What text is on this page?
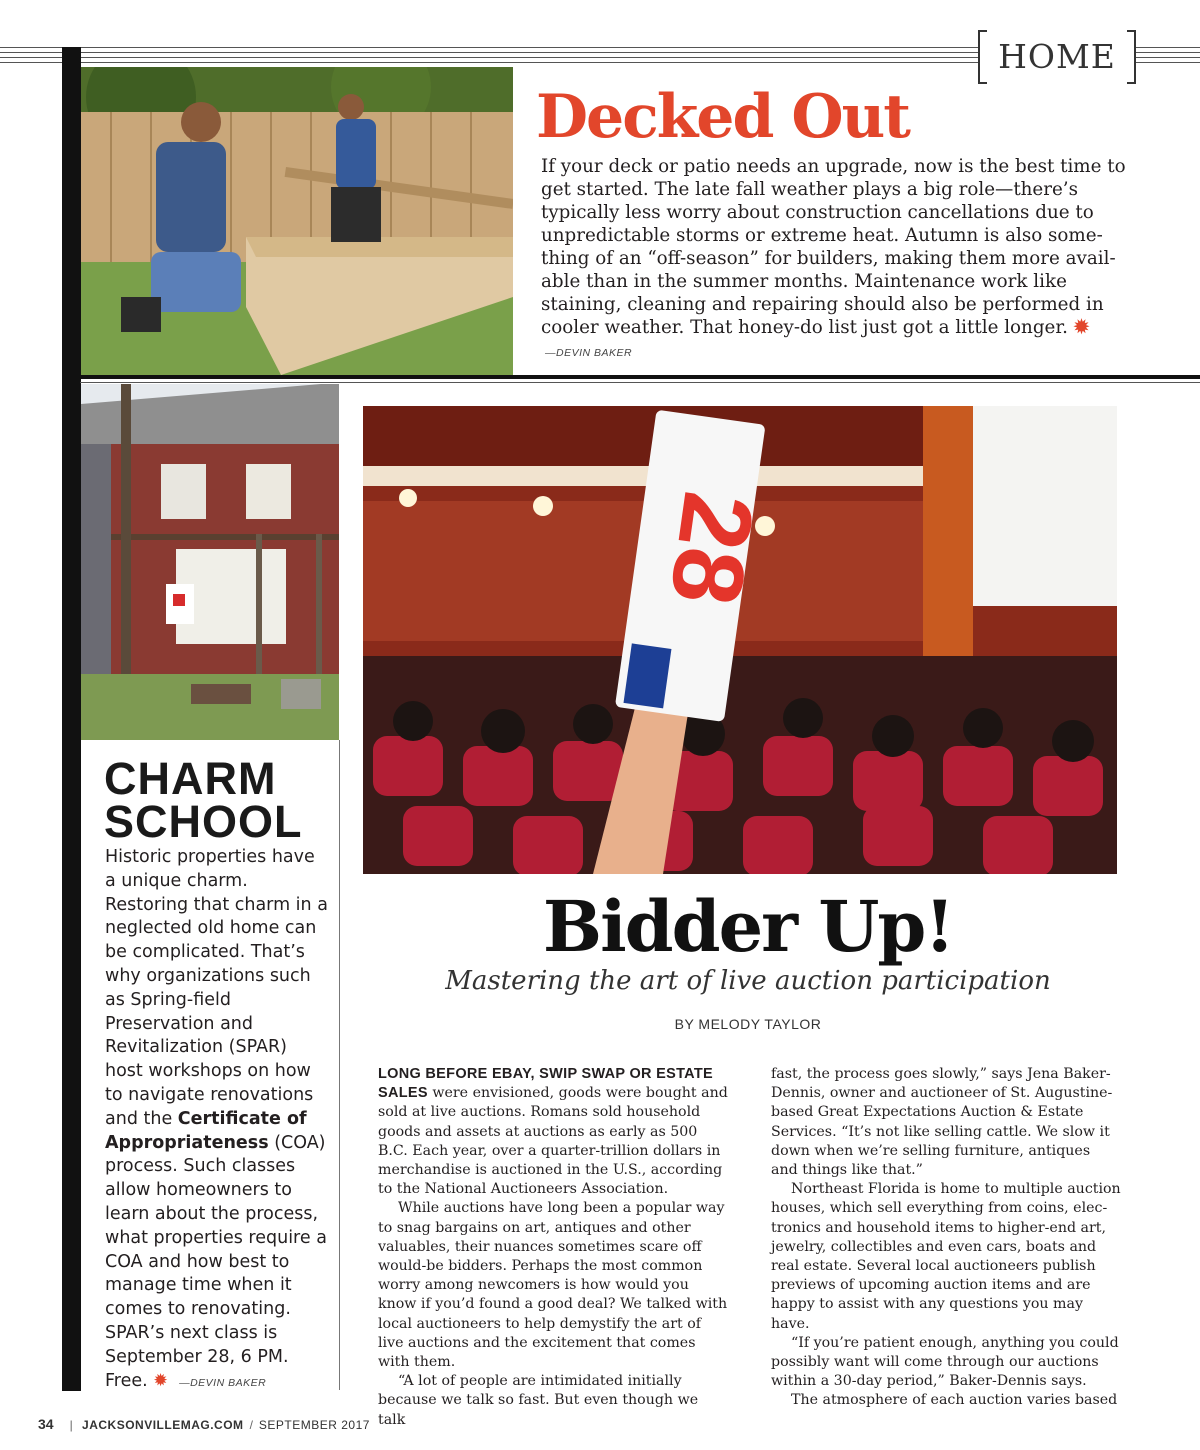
HOME
Decked Out
If your deck or patio needs an upgrade, now is the best time to get started. The late fall weather plays a big role—there’s typically less worry about construction cancellations due to unpredictable storms or extreme heat. Autumn is also something of an “off-season” for builders, making them more available than in the summer months. Maintenance work like staining, cleaning and repairing should also be performed in cooler weather. That honey-do list just got a little longer. ✹
—DEVIN BAKER
CHARM
SCHOOL
Historic properties have a unique charm. Restoring that charm in a neglected old home can be complicated. That’s why organizations such as Spring-field Preservation and Revitalization (SPAR) host workshops on how to navigate renovations and the Certificate of Appropriateness (COA) process. Such classes allow homeowners to learn about the process, what properties require a COA and how best to manage time when it comes to renovating. SPAR’s next class is September 28, 6 PM. Free. ✹ —DEVIN BAKER
28
Bidder Up!
Mastering the art of live auction participation
BY MELODY TAYLOR

LONG BEFORE EBAY, SWIP SWAP OR ESTATE SALES were envisioned, goods were bought and sold at live auctions. Romans sold household goods and assets at auctions as early as 500 B.C. Each year, over a quarter-trillion dollars in merchandise is auctioned in the U.S., according to the National Auctioneers Association.

While auctions have long been a popular way to snag bargains on art, antiques and other valuables, their nuances sometimes scare off would-be bidders. Perhaps the most common worry among newcomers is how would you know if you’d found a good deal? We talked with local auctioneers to help demystify the art of live auctions and the excitement that comes with them.

“A lot of people are intimidated initially because we talk so fast. But even though we talk

fast, the process goes slowly,” says Jena Baker-Dennis, owner and auctioneer of St. Augustine-based Great Expectations Auction & Estate Services. “It’s not like selling cattle. We slow it down when we’re selling furniture, antiques and things like that.”

Northeast Florida is home to multiple auction houses, which sell everything from coins, electronics and household items to higher-end art, jewelry, collectibles and even cars, boats and real estate. Several local auctioneers publish previews of upcoming auction items and are happy to assist with any questions you may have.

“If you’re patient enough, anything you could possibly want will come through our auctions within a 30-day period,” Baker-Dennis says.

The atmosphere of each auction varies based

34 | JACKSONVILLEMAG.COM / SEPTEMBER 2017
